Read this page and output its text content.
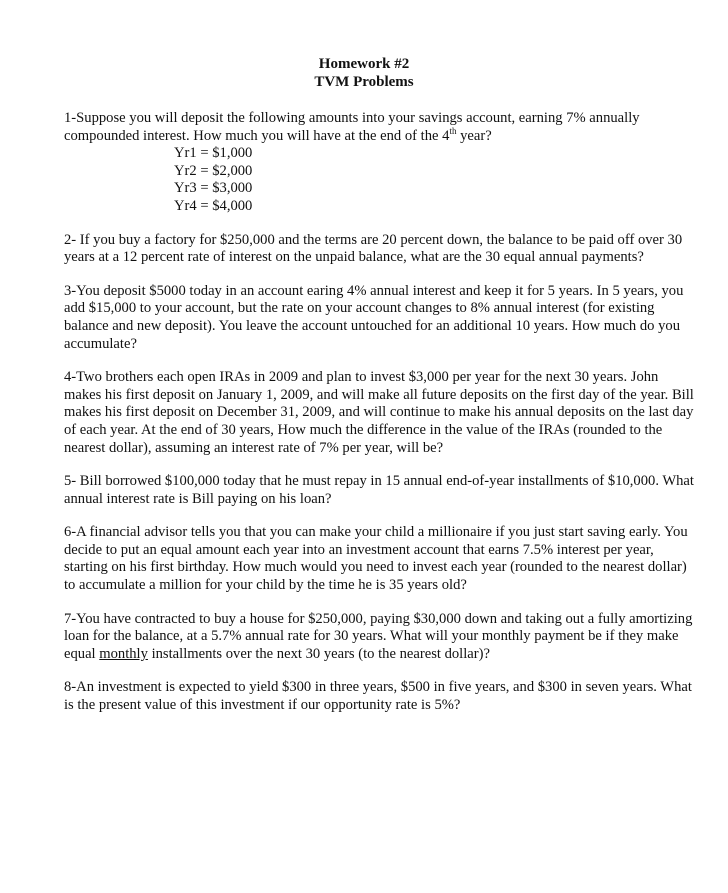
Homework #2
TVM Problems

1-Suppose you will deposit the following amounts into your savings account, earning 7% annually compounded interest. How much you will have at the end of the 4th year?

Yr1 = $1,000
Yr2 = $2,000
Yr3 = $3,000
Yr4 = $4,000

2- If you buy a factory for $250,000 and the terms are 20 percent down, the balance to be paid off over 30 years at a 12 percent rate of interest on the unpaid balance, what are the 30 equal annual payments?

3-You deposit $5000 today in an account earing 4% annual interest and keep it for 5 years. In 5 years, you add $15,000 to your account, but the rate on your account changes to 8% annual interest (for existing balance and new deposit). You leave the account untouched for an additional 10 years. How much do you accumulate?

4-Two brothers each open IRAs in 2009 and plan to invest $3,000 per year for the next 30 years. John makes his first deposit on January 1, 2009, and will make all future deposits on the first day of the year. Bill makes his first deposit on December 31, 2009, and will continue to make his annual deposits on the last day of each year. At the end of 30 years, How much the difference in the value of the IRAs (rounded to the nearest dollar), assuming an interest rate of 7% per year, will be?

5- Bill borrowed $100,000 today that he must repay in 15 annual end-of-year installments of $10,000. What annual interest rate is Bill paying on his loan?

6-A financial advisor tells you that you can make your child a millionaire if you just start saving early. You decide to put an equal amount each year into an investment account that earns 7.5% interest per year, starting on his first birthday. How much would you need to invest each year (rounded to the nearest dollar) to accumulate a million for your child by the time he is 35 years old?

7-You have contracted to buy a house for $250,000, paying $30,000 down and taking out a fully amortizing loan for the balance, at a 5.7% annual rate for 30 years. What will your monthly payment be if they make equal monthly installments over the next 30 years (to the nearest dollar)?

8-An investment is expected to yield $300 in three years, $500 in five years, and $300 in seven years. What is the present value of this investment if our opportunity rate is 5%?
